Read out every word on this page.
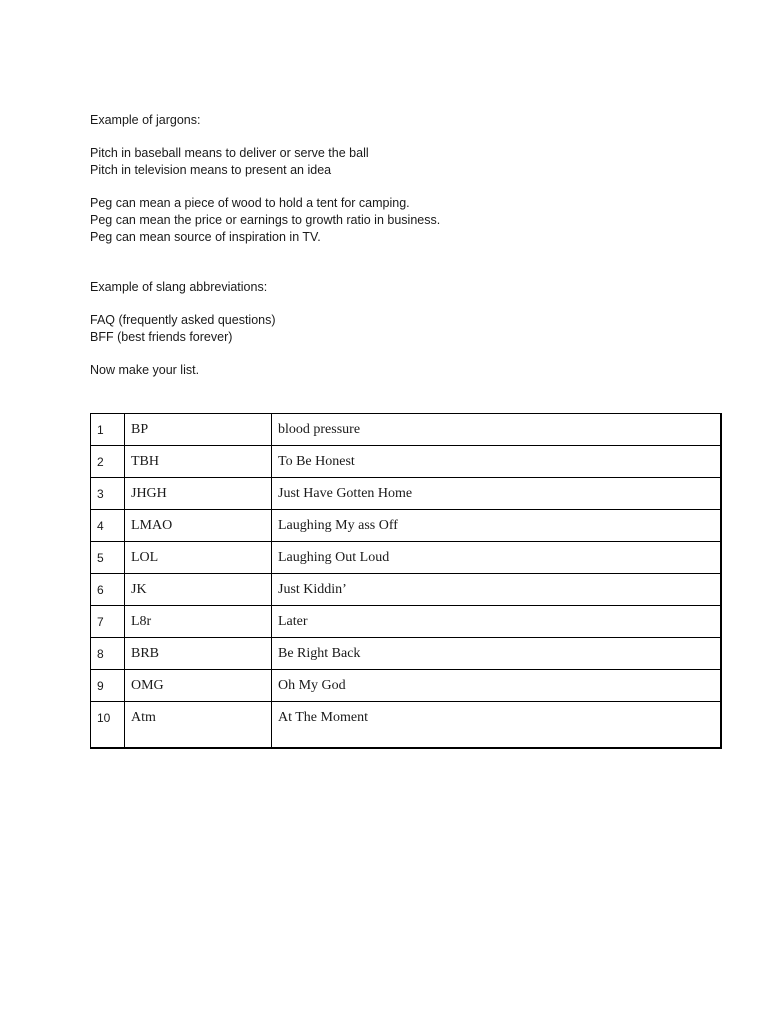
Example of jargons:
Pitch in baseball means to deliver or serve the ball
Pitch in television means to present an idea
Peg can mean a piece of wood to hold a tent for camping.
Peg can mean the price or earnings to growth ratio in business.
Peg can mean source of inspiration in TV.
Example of slang abbreviations:
FAQ (frequently asked questions)
BFF (best friends forever)
Now make your list.
1	BP	blood pressure
2	TBH	To Be Honest
3	JHGH	Just Have Gotten Home
4	LMAO	Laughing My ass Off
5	LOL	Laughing Out Loud
6	JK	Just Kiddin’
7	L8r	Later
8	BRB	Be Right Back
9	OMG	Oh My God
10	Atm	At The Moment
